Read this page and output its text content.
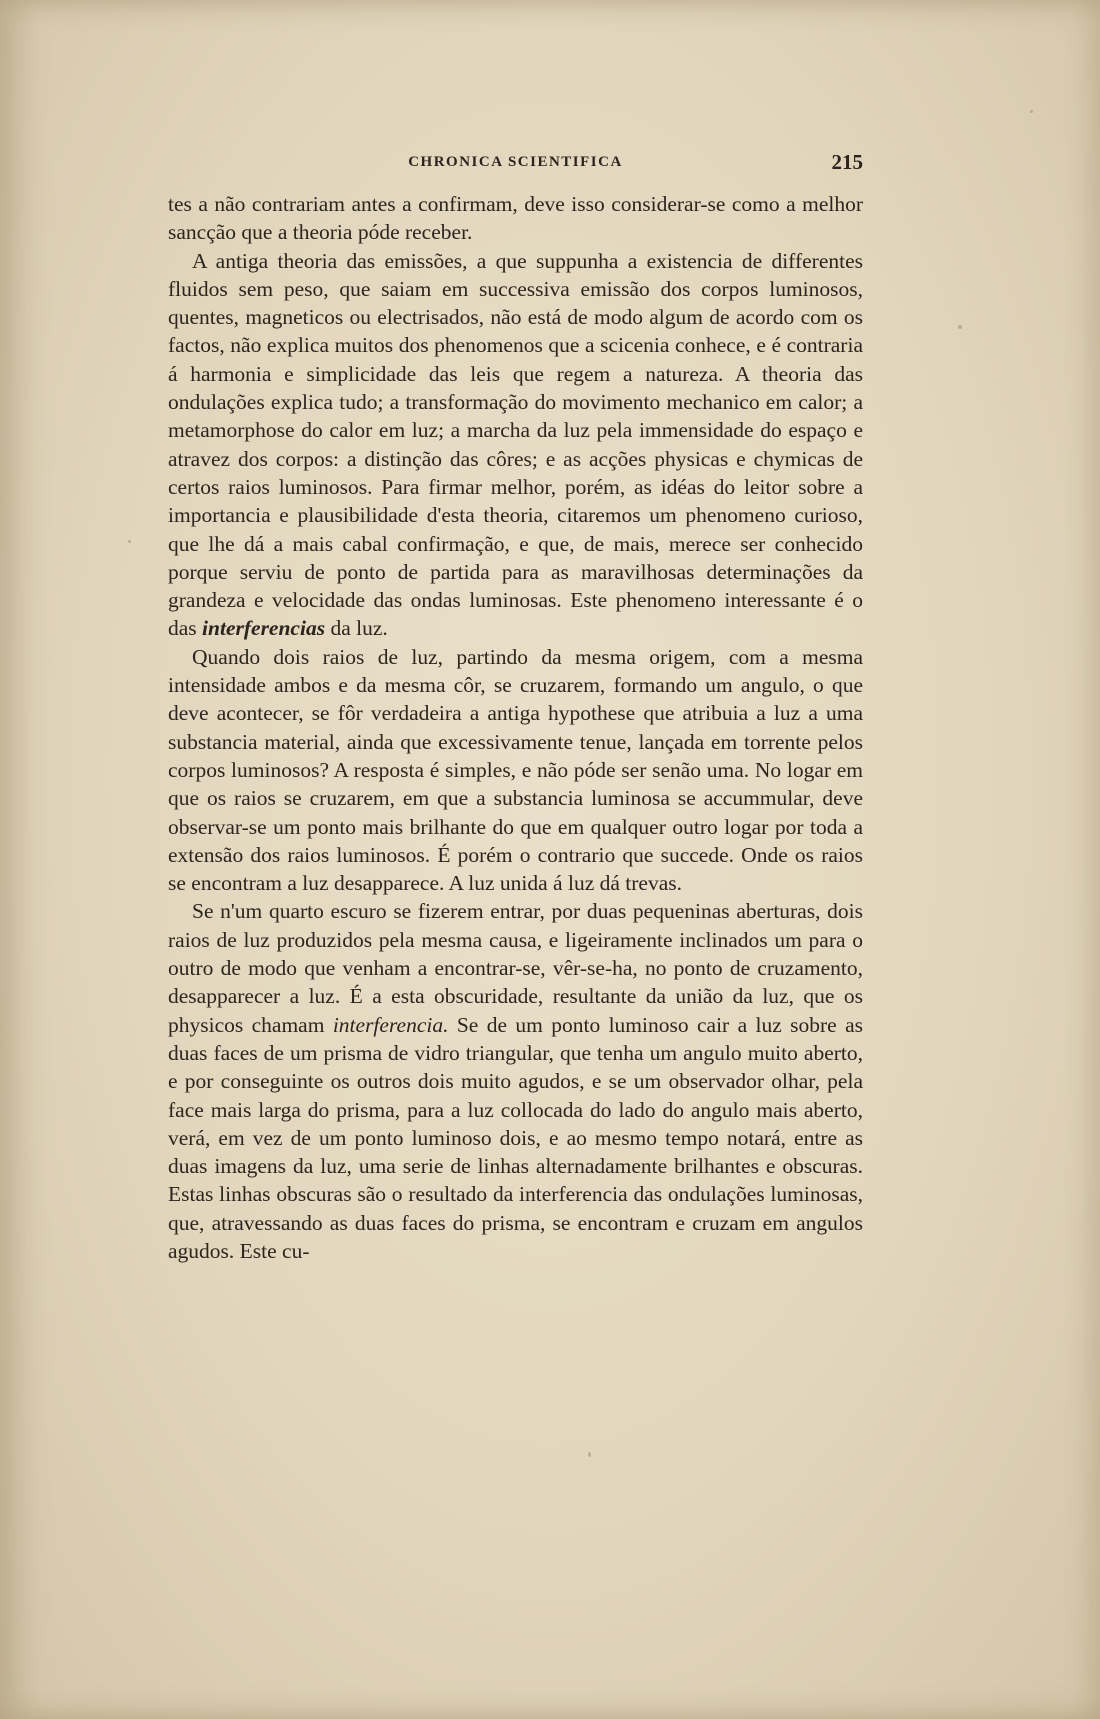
CHRONICA SCIENTIFICA	215

tes a não contrariam antes a confirmam, deve isso considerar-se como a melhor sancção que a theoria póde receber.

A antiga theoria das emissões, a que suppunha a existencia de differentes fluidos sem peso, que saiam em successiva emissão dos corpos luminosos, quentes, magneticos ou electrisados, não está de modo algum de acordo com os factos, não explica muitos dos phenomenos que a scicenia conhece, e é contraria á harmonia e simplicidade das leis que regem a natureza. A theoria das ondulações explica tudo; a transformação do movimento mechanico em calor; a metamorphose do calor em luz; a marcha da luz pela immensidade do espaço e atravez dos corpos: a distinção das côres; e as acções physicas e chymicas de certos raios luminosos. Para firmar melhor, porém, as idéas do leitor sobre a importancia e plausibilidade d'esta theoria, citaremos um phenomeno curioso, que lhe dá a mais cabal confirmação, e que, de mais, merece ser conhecido porque serviu de ponto de partida para as maravilhosas determinações da grandeza e velocidade das ondas luminosas. Este phenomeno interessante é o das interferencias da luz.

Quando dois raios de luz, partindo da mesma origem, com a mesma intensidade ambos e da mesma côr, se cruzarem, formando um angulo, o que deve acontecer, se fôr verdadeira a antiga hypothese que atribuia a luz a uma substancia material, ainda que excessivamente tenue, lançada em torrente pelos corpos luminosos? A resposta é simples, e não póde ser senão uma. No logar em que os raios se cruzarem, em que a substancia luminosa se accummular, deve observar-se um ponto mais brilhante do que em qualquer outro logar por toda a extensão dos raios luminosos. É porém o contrario que succede. Onde os raios se encontram a luz desapparece. A luz unida á luz dá trevas.

Se n'um quarto escuro se fizerem entrar, por duas pequeninas aberturas, dois raios de luz produzidos pela mesma causa, e ligeiramente inclinados um para o outro de modo que venham a encontrar-se, vêr-se-ha, no ponto de cruzamento, desapparecer a luz. É a esta obscuridade, resultante da união da luz, que os physicos chamam interferencia. Se de um ponto luminoso cair a luz sobre as duas faces de um prisma de vidro triangular, que tenha um angulo muito aberto, e por conseguinte os outros dois muito agudos, e se um observador olhar, pela face mais larga do prisma, para a luz collocada do lado do angulo mais aberto, verá, em vez de um ponto luminoso dois, e ao mesmo tempo notará, entre as duas imagens da luz, uma serie de linhas alternadamente brilhantes e obscuras. Estas linhas obscuras são o resultado da interferencia das ondulações luminosas, que, atravessando as duas faces do prisma, se encontram e cruzam em angulos agudos. Este cu-
